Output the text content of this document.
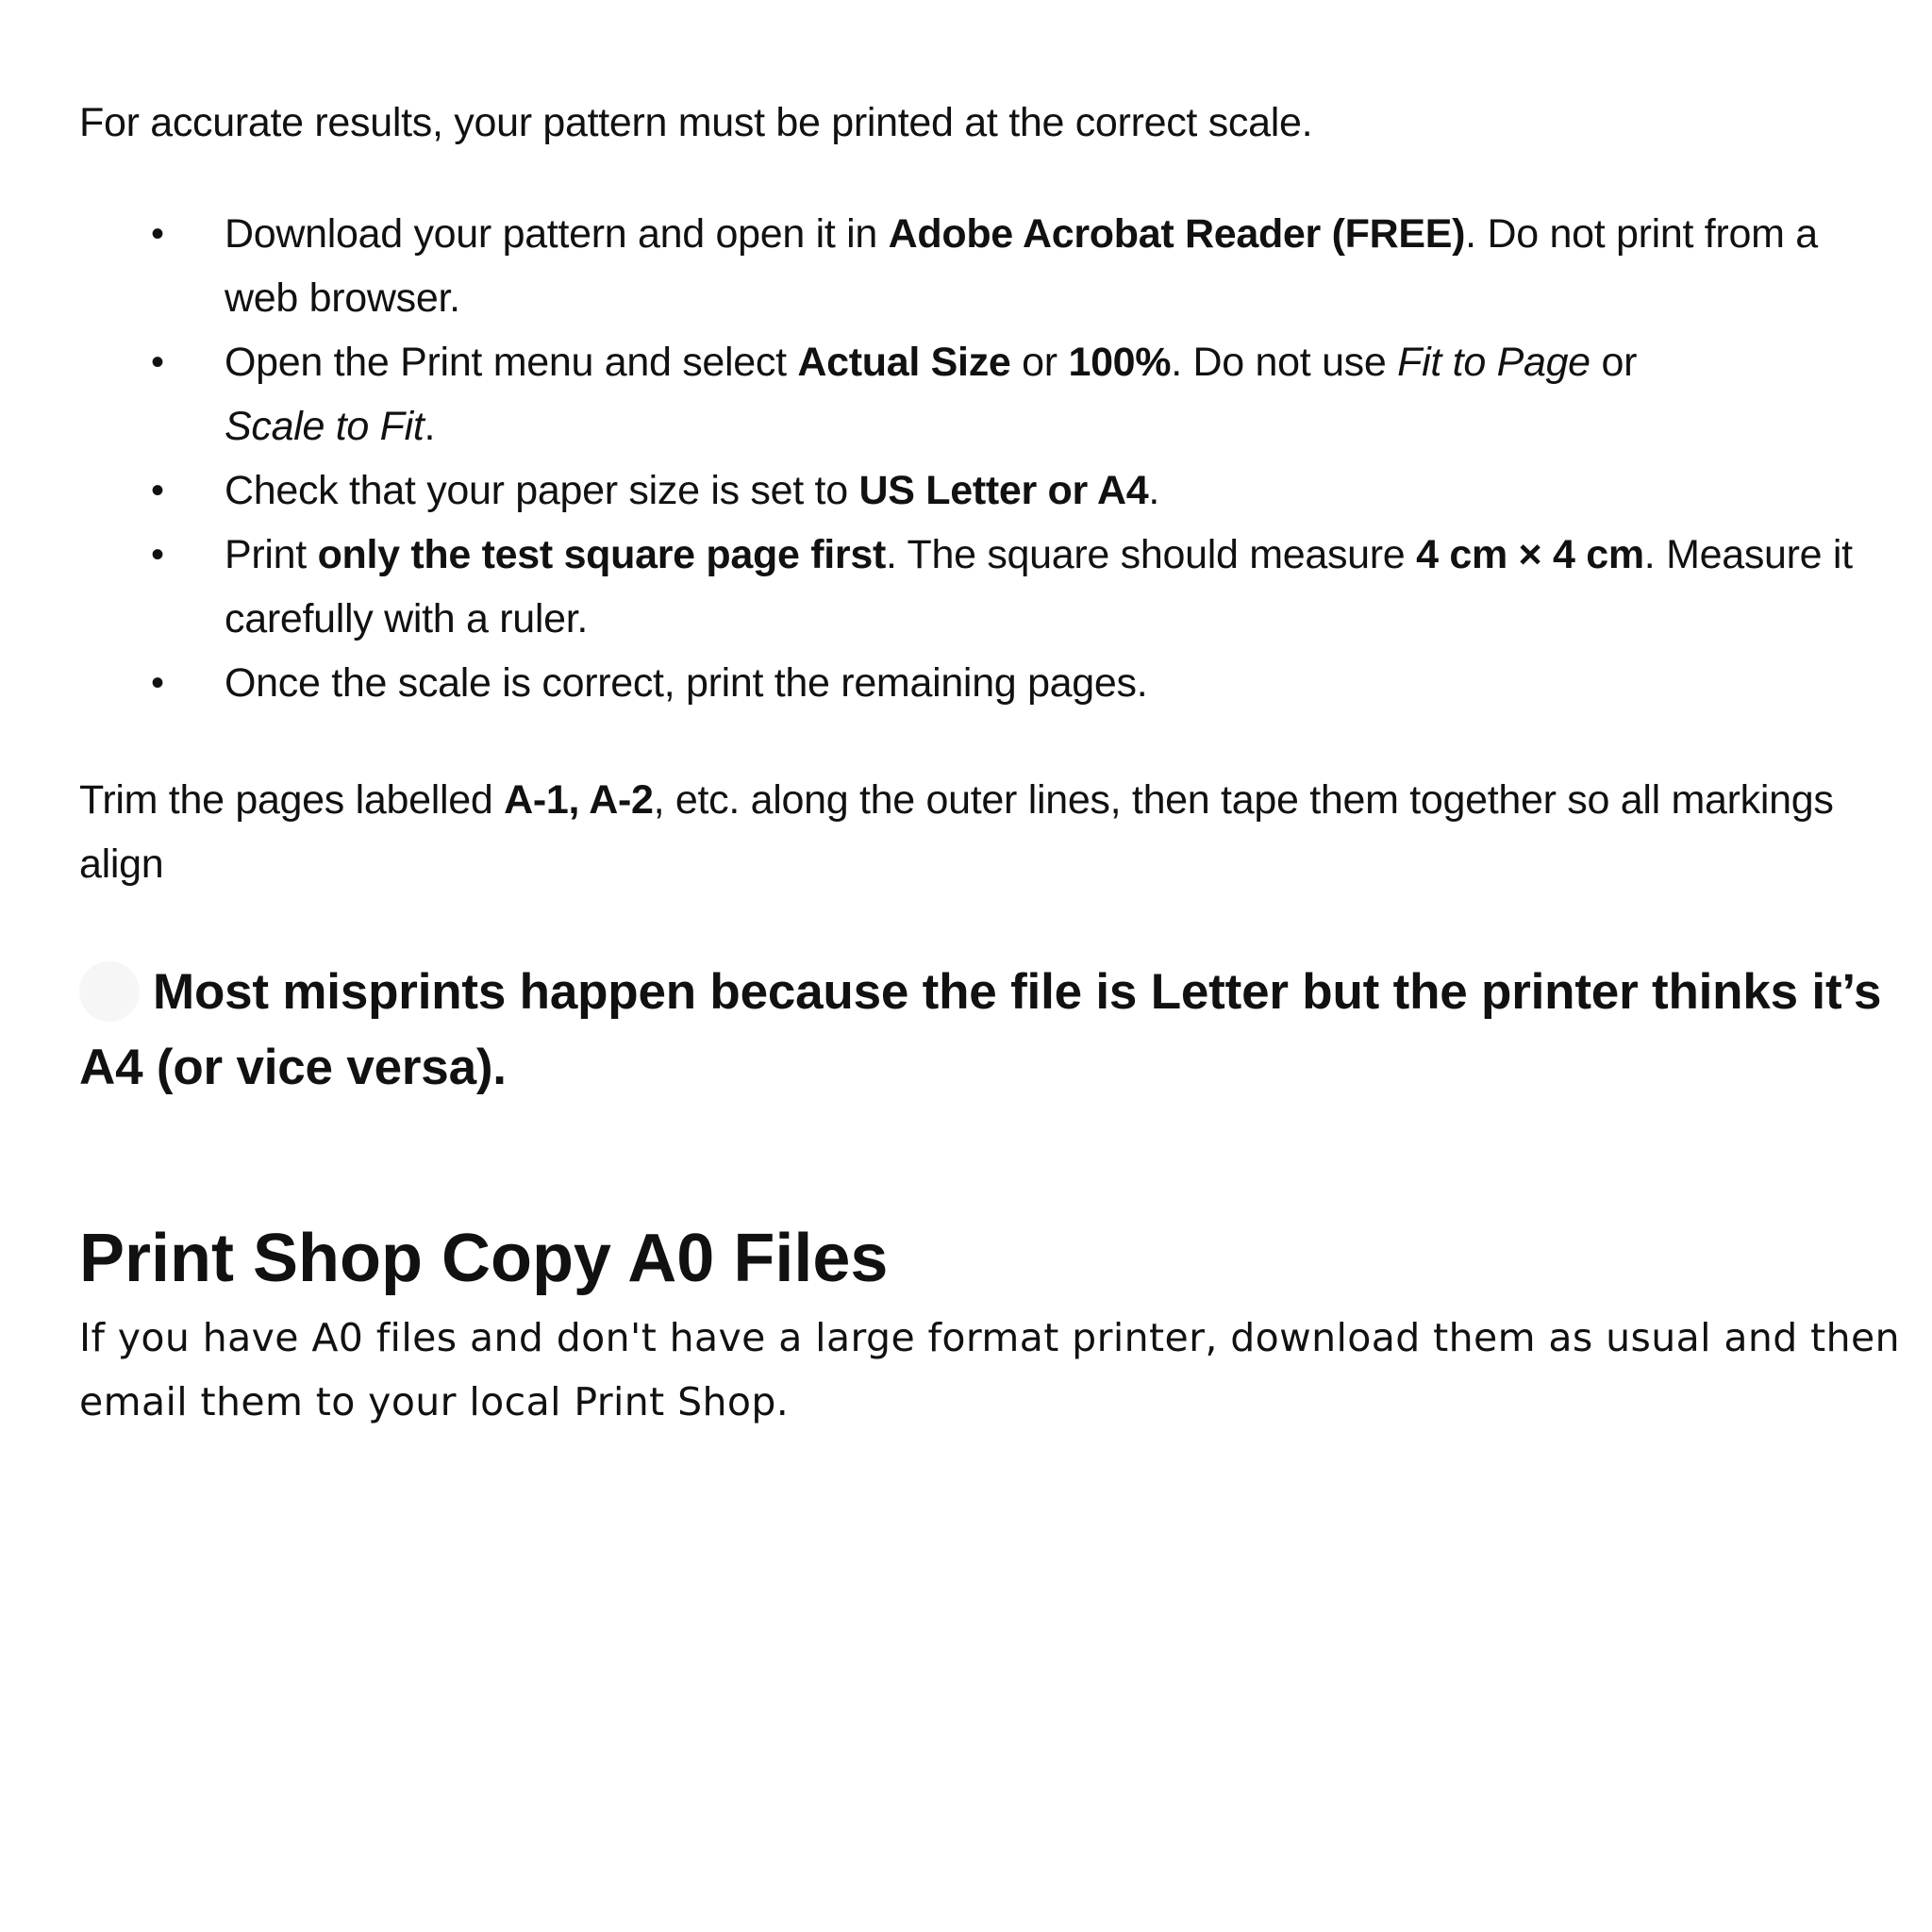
For accurate results, your pattern must be printed at the correct scale.

• Download your pattern and open it in Adobe Acrobat Reader (FREE). Do not print from a web browser.
• Open the Print menu and select Actual Size or 100%. Do not use Fit to Page or
Scale to Fit.
• Check that your paper size is set to US Letter or A4.
• Print only the test square page first. The square should measure 4 cm × 4 cm. Measure it carefully with a ruler.
• Once the scale is correct, print the remaining pages.

Trim the pages labelled A-1, A-2, etc. along the outer lines, then tape them together so all markings align

Most misprints happen because the file is Letter but the printer thinks it’s A4 (or vice versa).

Print Shop Copy A0 Files

If you have A0 files and don't have a large format printer, download them as usual and then email them to your local Print Shop.
